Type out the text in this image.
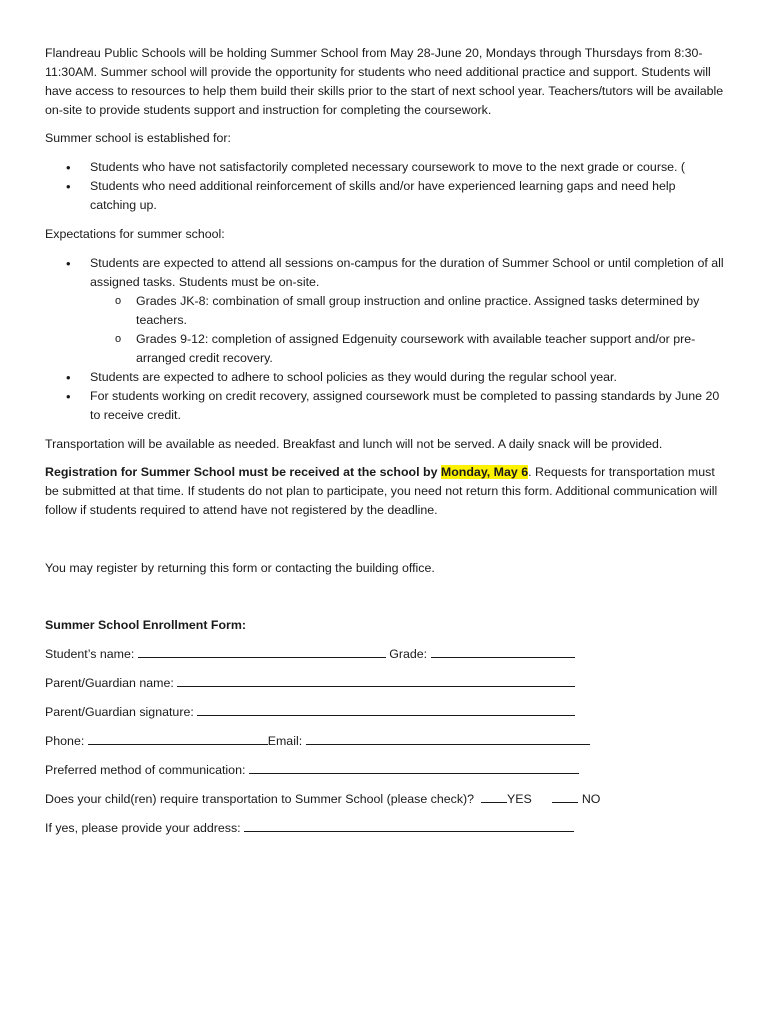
Flandreau Public Schools will be holding Summer School from May 28-June 20, Mondays through Thursdays from 8:30-11:30AM. Summer school will provide the opportunity for students who need additional practice and support. Students will have access to resources to help them build their skills prior to the start of next school year. Teachers/tutors will be available on-site to provide students support and instruction for completing the coursework.

Summer school is established for:

• Students who have not satisfactorily completed necessary coursework to move to the next grade or course. (
• Students who need additional reinforcement of skills and/or have experienced learning gaps and need help catching up.

Expectations for summer school:

• Students are expected to attend all sessions on-campus for the duration of Summer School or until completion of all assigned tasks. Students must be on-site.
o Grades JK-8: combination of small group instruction and online practice. Assigned tasks determined by teachers.
o Grades 9-12: completion of assigned Edgenuity coursework with available teacher support and/or pre-arranged credit recovery.
• Students are expected to adhere to school policies as they would during the regular school year.
• For students working on credit recovery, assigned coursework must be completed to passing standards by June 20 to receive credit.

Transportation will be available as needed. Breakfast and lunch will not be served. A daily snack will be provided.

Registration for Summer School must be received at the school by Monday, May 6. Requests for transportation must be submitted at that time. If students do not plan to participate, you need not return this form. Additional communication will follow if students required to attend have not registered by the deadline.

You may register by returning this form or contacting the building office.

Summer School Enrollment Form:

Student’s name:	Grade:
Parent/Guardian name:
Parent/Guardian signature:
Phone:	Email:
Preferred method of communication:
Does your child(ren) require transportation to Summer School (please check)?  YES	NO
If yes, please provide your address:
